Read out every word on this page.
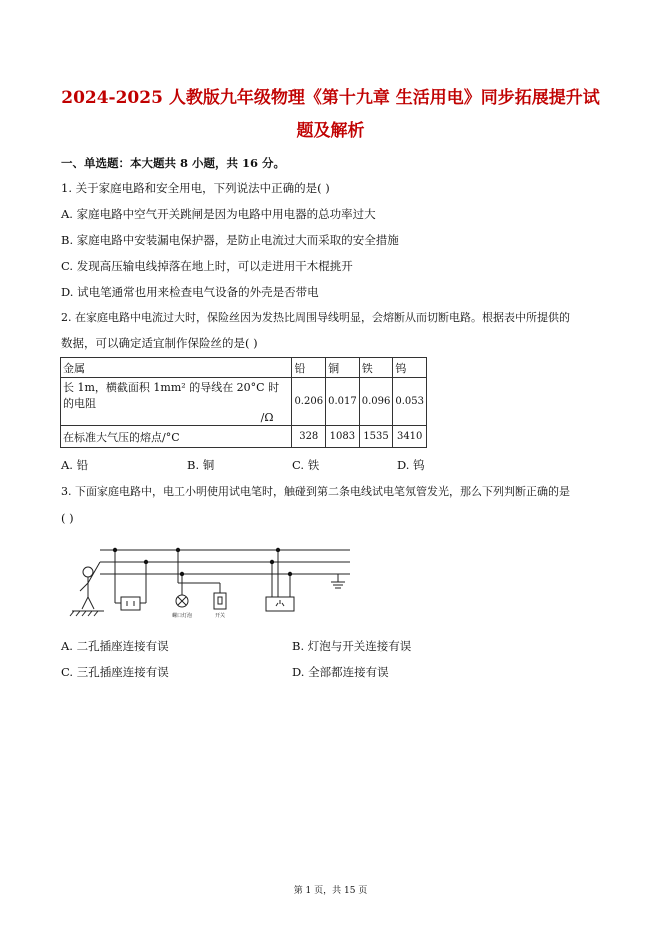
2024-2025 人教版九年级物理《第十九章 生活用电》同步拓展提升试
题及解析
一、单选题：本大题共 8 小题，共 16 分。
1. 关于家庭电路和安全用电，下列说法中正确的是( )
A. 家庭电路中空气开关跳闸是因为电路中用电器的总功率过大
B. 家庭电路中安装漏电保护器，是防止电流过大而采取的安全措施
C. 发现高压输电线掉落在地上时，可以走进用干木棍挑开
D. 试电笔通常也用来检查电气设备的外壳是否带电
2. 在家庭电路中电流过大时，保险丝因为发热比周围导线明显，会熔断从而切断电路。根据表中所提供的
数据，可以确定适宜制作保险丝的是( )
金属	铅	铜	铁	钨

长 1m，横截面积 1mm² 的导线在 20°C 时的电阻
/Ω	0.206	0.017	0.096	0.053
在标准大气压的熔点/°C	328	1083	1535	3410
A. 铅	B. 铜	C. 铁	D. 钨
3. 下面家庭电路中，电工小明使用试电笔时，触碰到第二条电线试电笔氖管发光，那么下列判断正确的是
( )
螺口灯泡	开关
A. 二孔插座连接有误	B. 灯泡与开关连接有误
C. 三孔插座连接有误	D. 全部都连接有误
第 1 页，共 15 页
